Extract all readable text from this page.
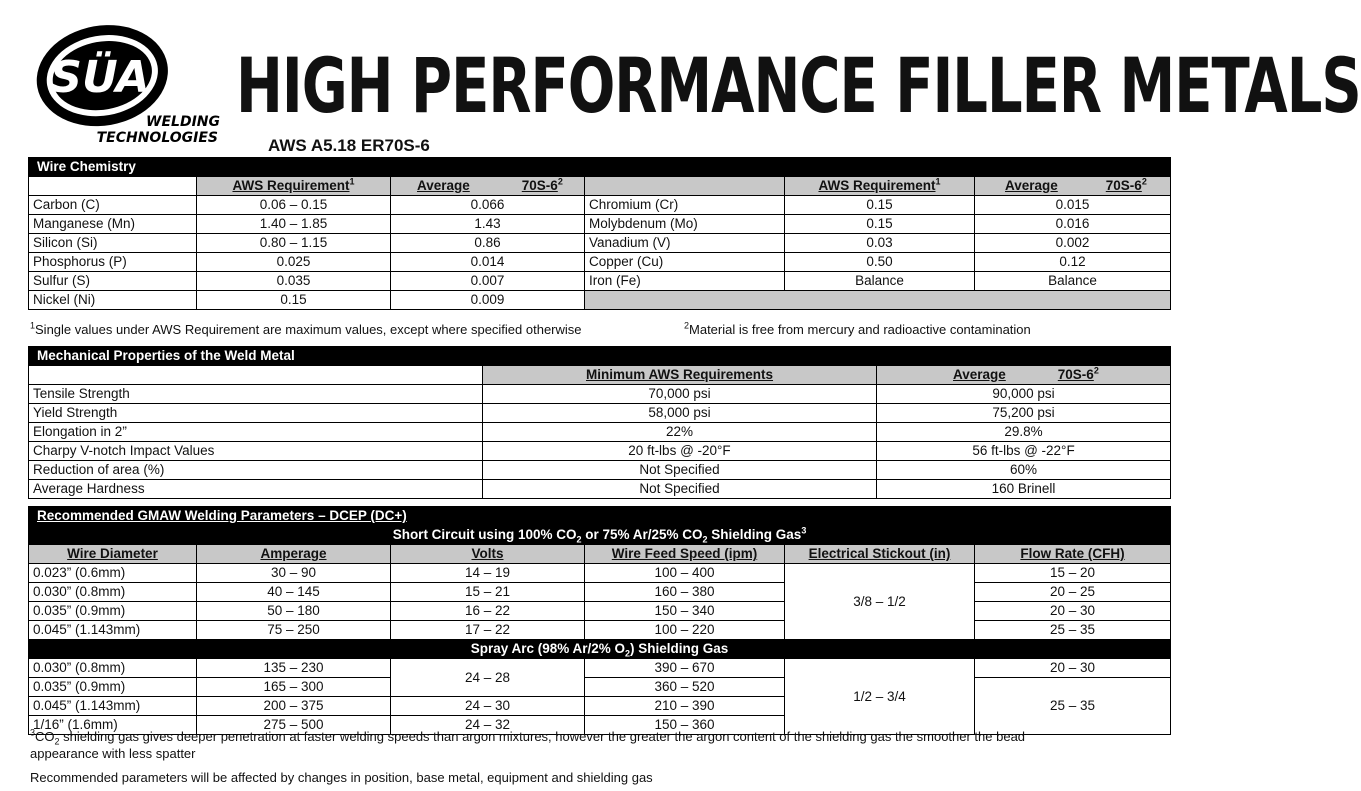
SÜA
WELDING
TECHNOLOGIES
HIGH PERFORMANCE FILLER METALS
AWS A5.18 ER70S-6
Wire Chemistry					
	AWS Requirement$^1$	Average $70S-6^2$		AWS Requirement$^1$	Average $70S-6^2$
Carbon (C)	0.06 – 0.15	0.066	Chromium (Cr)	0.15	0.015
Manganese (Mn)	1.40 – 1.85	1.43	Molybdenum (Mo)	0.15	0.016
Silicon (Si)	0.80 – 1.15	0.86	Vanadium (V)	0.03	0.002
Phosphorus (P)	0.025	0.014	Copper (Cu)	0.50	0.12
Sulfur (S)	0.035	0.007	Iron (Fe)	Balance	Balance
Nickel (Ni)	0.15	0.009			
$^1$Single values under AWS Requirement are maximum values, except where specified otherwise	$^2$Material is free from mercury and radioactive contamination
Mechanical Properties of the Weld Metal		
	Minimum AWS Requirements	Average $70S-6^2$
Tensile Strength	70,000 psi	90,000 psi
Yield Strength	58,000 psi	75,200 psi
Elongation in 2”	22%	29.8%
Charpy V-notch Impact Values	20 ft-lbs @ -20°F	56 ft-lbs @ -22°F
Reduction of area (%)	Not Specified	60%
Average Hardness	Not Specified	160 Brinell
Recommended GMAW Welding Parameters – DCEP (DC+)					
Short Circuit using 100% $CO_2$ or 75% Ar/25% $CO_2$ Shielding Gas$^3$
Wire Diameter	Amperage	Volts	Wire Feed Speed (ipm)	Electrical Stickout (in)	Flow Rate (CFH)
0.023” (0.6mm)	30 – 90	14 – 19	100 – 400	3/8 – 1/2	15 – 20
0.030” (0.8mm)	40 – 145	15 – 21	160 – 380		20 – 25
0.035” (0.9mm)	50 – 180	16 – 22	150 – 340		20 – 30
0.045” (1.143mm)	75 – 250	17 – 22	100 – 220		25 – 35
Spray Arc (98% Ar/2% $O_2$) Shielding Gas					
0.030” (0.8mm)	135 – 230	24 – 28	390 – 670	1/2 – 3/4	20 – 30
0.035” (0.9mm)	165 – 300		360 – 520		25 – 35
0.045” (1.143mm)	200 – 375	24 – 30	210 – 390		
1/16” (1.6mm)	275 – 500	24 – 32	150 – 360		
$^3CO_2$ shielding gas gives deeper penetration at faster welding speeds than argon mixtures, however the greater the argon content of the shielding gas the smoother the bead
appearance with less spatter
Recommended parameters will be affected by changes in position, base metal, equipment and shielding gas
